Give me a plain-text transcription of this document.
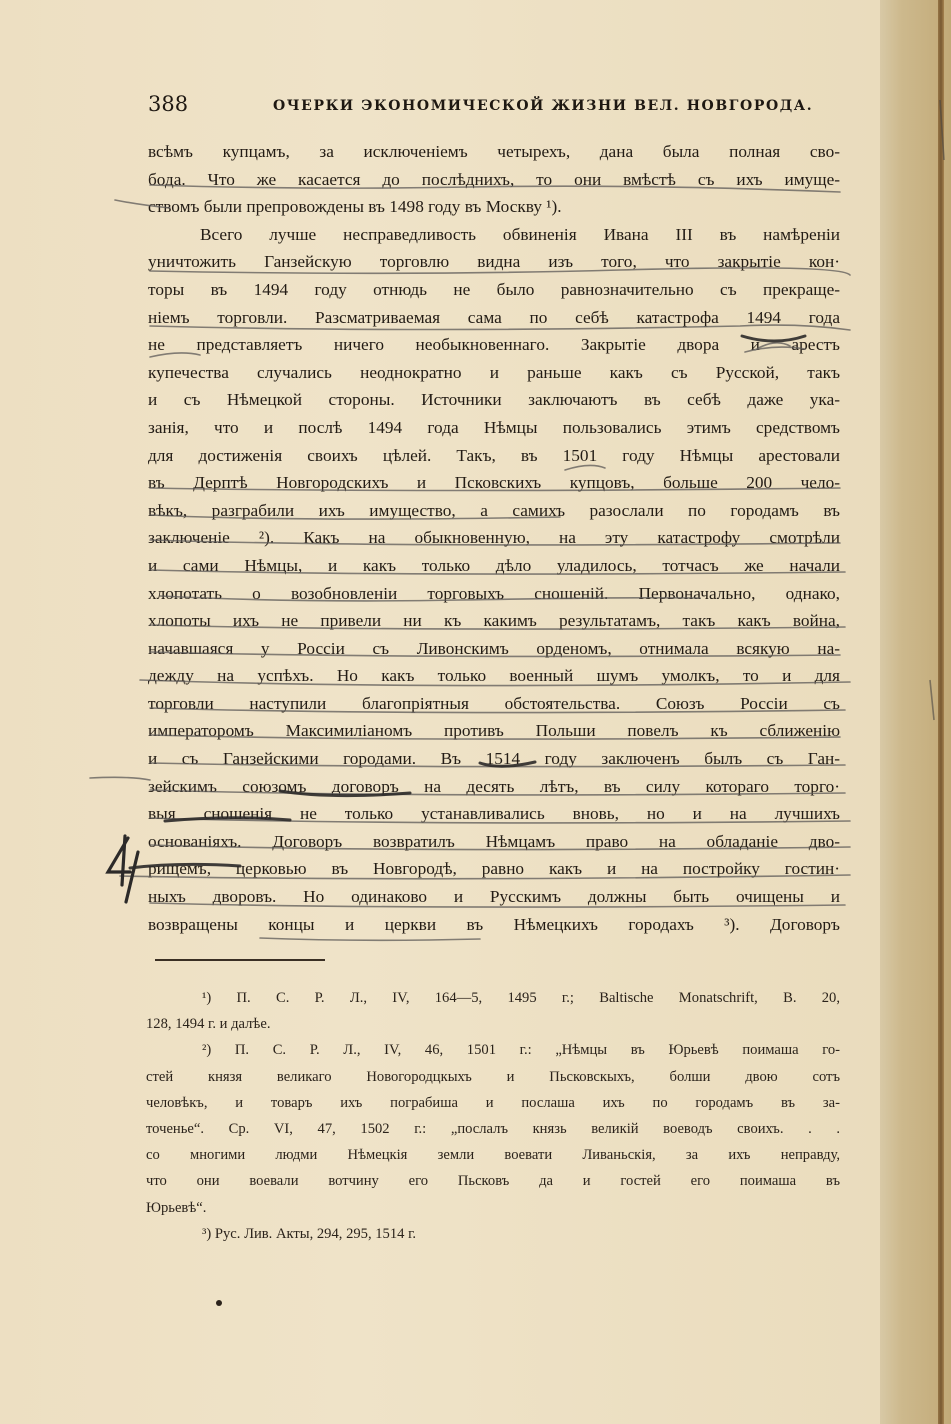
388	ОЧЕРКИ ЭКОНОМИЧЕСКОЙ ЖИЗНИ ВЕЛ. НОВГОРОДА.
всѣмъ купцамъ, за исключеніемъ четырехъ, дана была полная сво-
бода. Что же касается до послѣднихъ, то они вмѣстѣ съ ихъ имуще-
ствомъ были препровождены въ 1498 году въ Москву ¹).
Всего лучше несправедливость обвиненія Ивана III въ намѣреніи
уничтожить Ганзейскую торговлю видна изъ того, что закрытіе кон·
торы въ 1494 году отнюдь не было равнозначительно съ прекраще-
ніемъ торговли. Разсматриваемая сама по себѣ катастрофа 1494 года
не представляетъ ничего необыкновеннаго. Закрытіе двора и арестъ
купечества случались неоднократно и раньше какъ съ Русской, такъ
и съ Нѣмецкой стороны. Источники заключаютъ въ себѣ даже ука-
занія, что и послѣ 1494 года Нѣмцы пользовались этимъ средствомъ
для достиженія своихъ цѣлей. Такъ, въ 1501 году Нѣмцы арестовали
въ Дерптѣ Новгородскихъ и Псковскихъ купцовъ, больше 200 чело-
вѣкъ, разграбили ихъ имущество, а самихъ разослали по городамъ въ
заключеніе ²). Какъ на обыкновенную, на эту катастрофу смотрѣли
и сами Нѣмцы, и какъ только дѣло уладилось, тотчасъ же начали
хлопотать о возобновленіи торговыхъ сношеній. Первоначально, однако,
хлопоты ихъ не привели ни къ какимъ результатамъ, такъ какъ война,
начавшаяся у Россіи съ Ливонскимъ орденомъ, отнимала всякую на-
дежду на успѣхъ. Но какъ только военный шумъ умолкъ, то и для
торговли наступили благопріятныя обстоятельства. Союзъ Россіи съ
императоромъ Максимиліаномъ противъ Польши повелъ къ сближенію
и съ Ганзейскими городами. Въ 1514 году заключенъ былъ съ Ган-
зейскимъ союзомъ договоръ на десять лѣтъ, въ силу котораго торго·
выя сношенія не только устанавливались вновь, но и на лучшихъ
основаніяхъ. Договоръ возвратилъ Нѣмцамъ право на обладаніе дво-
рищемъ, церковью въ Новгородѣ, равно какъ и на постройку гостин·
ныхъ дворовъ. Но одинаково и Русскимъ должны быть очищены и
возвращены концы и церкви въ Нѣмецкихъ городахъ ³). Договоръ
¹) П. С. Р. Л., IV, 164—5, 1495 г.; Baltische Monatschrift, B. 20,
128, 1494 г. и далѣе.
²) П. С. Р. Л., IV, 46, 1501 г.: „Нѣмцы въ Юрьевѣ поимаша го-
стей князя великаго Новогородцкыхъ и Пьсковскыхъ, болши двою сотъ
человѣкъ, и товаръ ихъ пограбиша и послаша ихъ по городамъ въ за-
точенье“. Ср. VI, 47, 1502 г.: „послалъ князь великій воеводъ своихъ. . .
со многими людми Нѣмецкія земли воевати Ливаньскія, за ихъ неправду,
что они воевали вотчину его Пьсковъ да и гостей его поимаша въ
Юрьевѣ“.
³) Рус. Лив. Акты, 294, 295, 1514 г.
